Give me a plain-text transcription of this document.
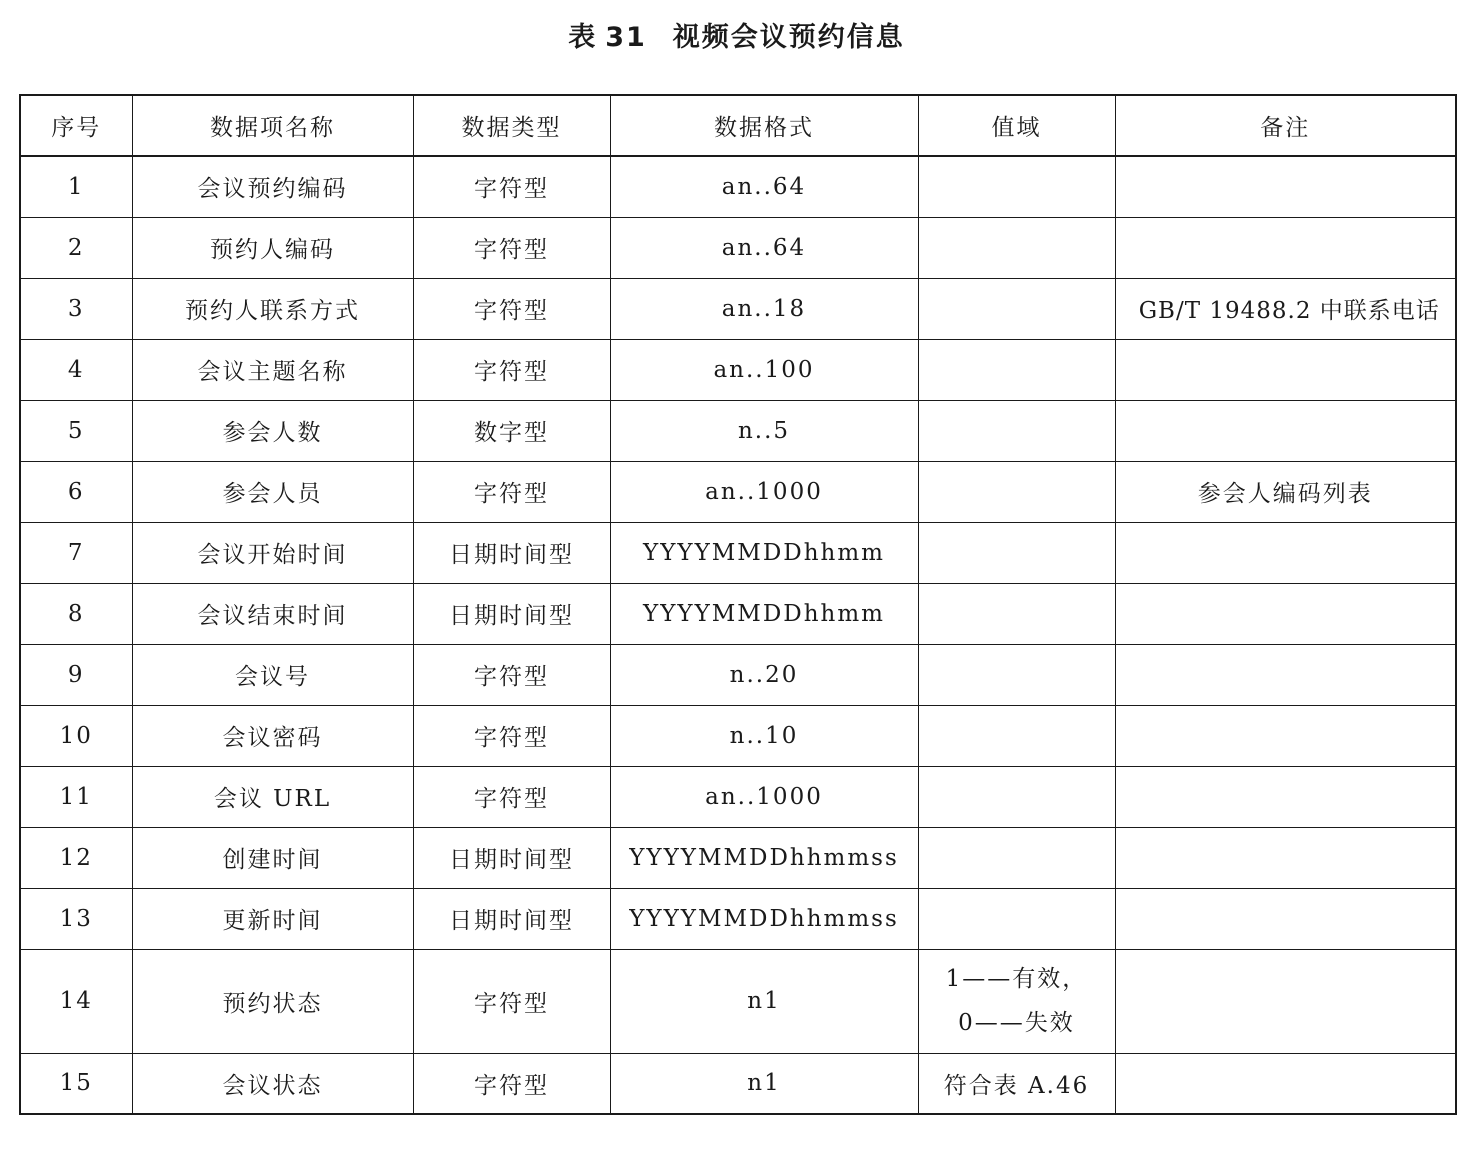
表 31 视频会议预约信息
序号	数据项名称	数据类型	数据格式	值域	备注
1	会议预约编码	字符型	an..64		
2	预约人编码	字符型	an..64		
3	预约人联系方式	字符型	an..18		GB/T 19488.2 中联系电话
4	会议主题名称	字符型	an..100		
5	参会人数	数字型	n..5		
6	参会人员	字符型	an..1000		参会人编码列表
7	会议开始时间	日期时间型	YYYYMMDDhhmm		
8	会议结束时间	日期时间型	YYYYMMDDhhmm		
9	会议号	字符型	n..20		
10	会议密码	字符型	n..10		
11	会议 URL	字符型	an..1000		
12	创建时间	日期时间型	YYYYMMDDhhmmss		
13	更新时间	日期时间型	YYYYMMDDhhmmss		
14	预约状态	字符型	n1	1——有效，
0——失效	

15	会议状态	字符型	n1	符合表 A.46	
